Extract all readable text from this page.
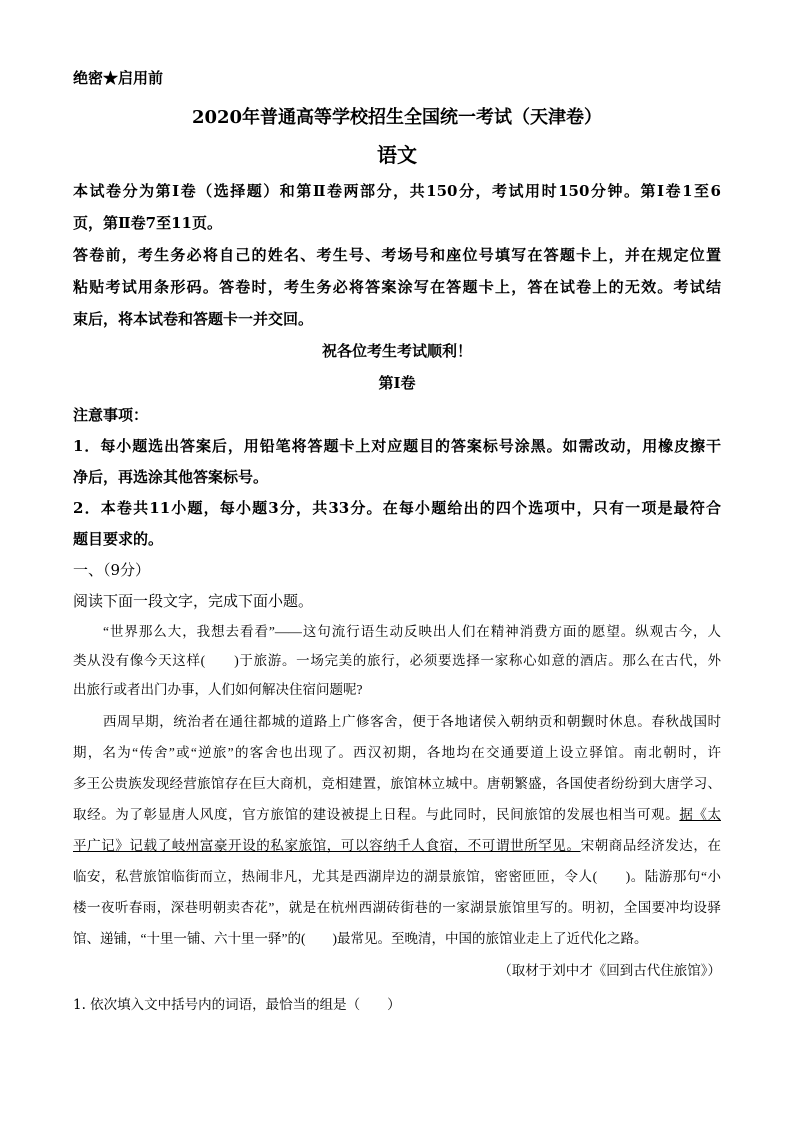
绝密★启用前
2020年普通高等学校招生全国统一考试（天津卷）
语文
本试卷分为第Ⅰ卷（选择题）和第Ⅱ卷两部分，共150分，考试用时150分钟。第Ⅰ卷1至6
页，第Ⅱ卷7至11页。
答卷前，考生务必将自己的姓名、考生号、考场号和座位号填写在答题卡上，并在规定位置
粘贴考试用条形码。答卷时，考生务必将答案涂写在答题卡上，答在试卷上的无效。考试结
束后，将本试卷和答题卡一并交回。
祝各位考生考试顺利！
第Ⅰ卷
注意事项：
1．每小题选出答案后，用铅笔将答题卡上对应题目的答案标号涂黑。如需改动，用橡皮擦干
净后，再选涂其他答案标号。
2．本卷共11小题，每小题3分，共33分。在每小题给出的四个选项中，只有一项是最符合
题目要求的。
一、（9分）
阅读下面一段文字，完成下面小题。
“世界那么大，我想去看看”——这句流行语生动反映出人们在精神消费方面的愿望。纵观古今，人
类从没有像今天这样(　　)于旅游。一场完美的旅行，必须要选择一家称心如意的酒店。那么在古代，外
出旅行或者出门办事，人们如何解决住宿问题呢?
西周早期，统治者在通往都城的道路上广修客舍，便于各地诸侯入朝纳贡和朝觐时休息。春秋战国时
期，名为“传舍”或“逆旅”的客舍也出现了。西汉初期，各地均在交通要道上设立驿馆。南北朝时，许
多王公贵族发现经营旅馆存在巨大商机，竞相建置，旅馆林立城中。唐朝繁盛，各国使者纷纷到大唐学习、
取经。为了彰显唐人风度，官方旅馆的建设被提上日程。与此同时，民间旅馆的发展也相当可观。据《太
平广记》记载了岐州富豪开设的私家旅馆，可以容纳千人食宿，不可谓世所罕见。宋朝商品经济发达，在
临安，私营旅馆临街而立，热闹非凡，尤其是西湖岸边的湖景旅馆，密密匝匝，令人(　　)。陆游那句“小
楼一夜听春雨，深巷明朝卖杏花”，就是在杭州西湖砖街巷的一家湖景旅馆里写的。明初，全国要冲均设驿
馆、递铺，“十里一铺、六十里一驿”的(　　)最常见。至晚清，中国的旅馆业走上了近代化之路。
（取材于刘中才《回到古代住旅馆》）
1. 依次填入文中括号内的词语，最恰当的组是（　　）
